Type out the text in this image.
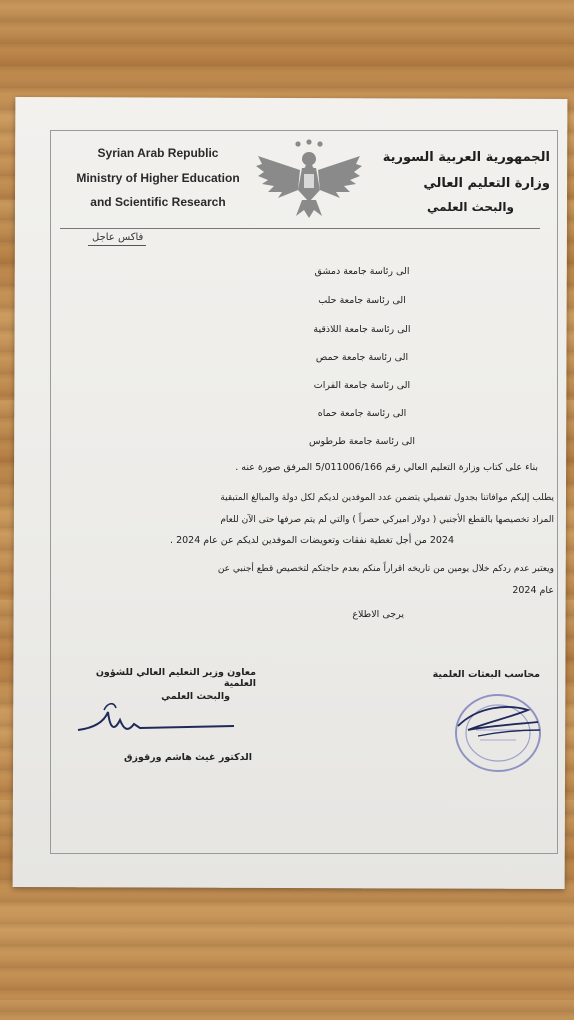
Syrian Arab Republic
Ministry of Higher Education
and Scientific Research
الجمهورية العربية السورية
وزارة التعليم العالي
والبحث العلمي
فاكس عاجل
الى رئاسة جامعة دمشق
الى رئاسة جامعة حلب
الى رئاسة جامعة اللاذقية
الى رئاسة جامعة حمص
الى رئاسة جامعة الفرات
الى رئاسة جامعة حماه
الى رئاسة جامعة طرطوس
بناء على كتاب وزارة التعليم العالي رقم 5/011006/166 المرفق صورة عنه .
يطلب إليكم موافاتنا بجدول تفصيلي يتضمن عدد الموفدين لديكم لكل دولة والمبالغ المتبقية
المراد تخصيصها بالقطع الأجنبي ( دولار اميركي حصراً ) والتي لم يتم صرفها حتى الآن للعام
2024 من أجل تغطية نفقات وتعويضات الموفدين لديكم عن عام 2024 .
ويعتبر عدم ردكم خلال يومين من تاريخه اقراراً منكم بعدم حاجتكم لتخصيص قطع أجنبي عن
عام 2024
يرجى الاطلاع
معاون وزير التعليم العالي للشؤون العلمية
والبحث العلمي
الدكتور غيث هاشم ورقوزق
محاسب البعثات العلمية
